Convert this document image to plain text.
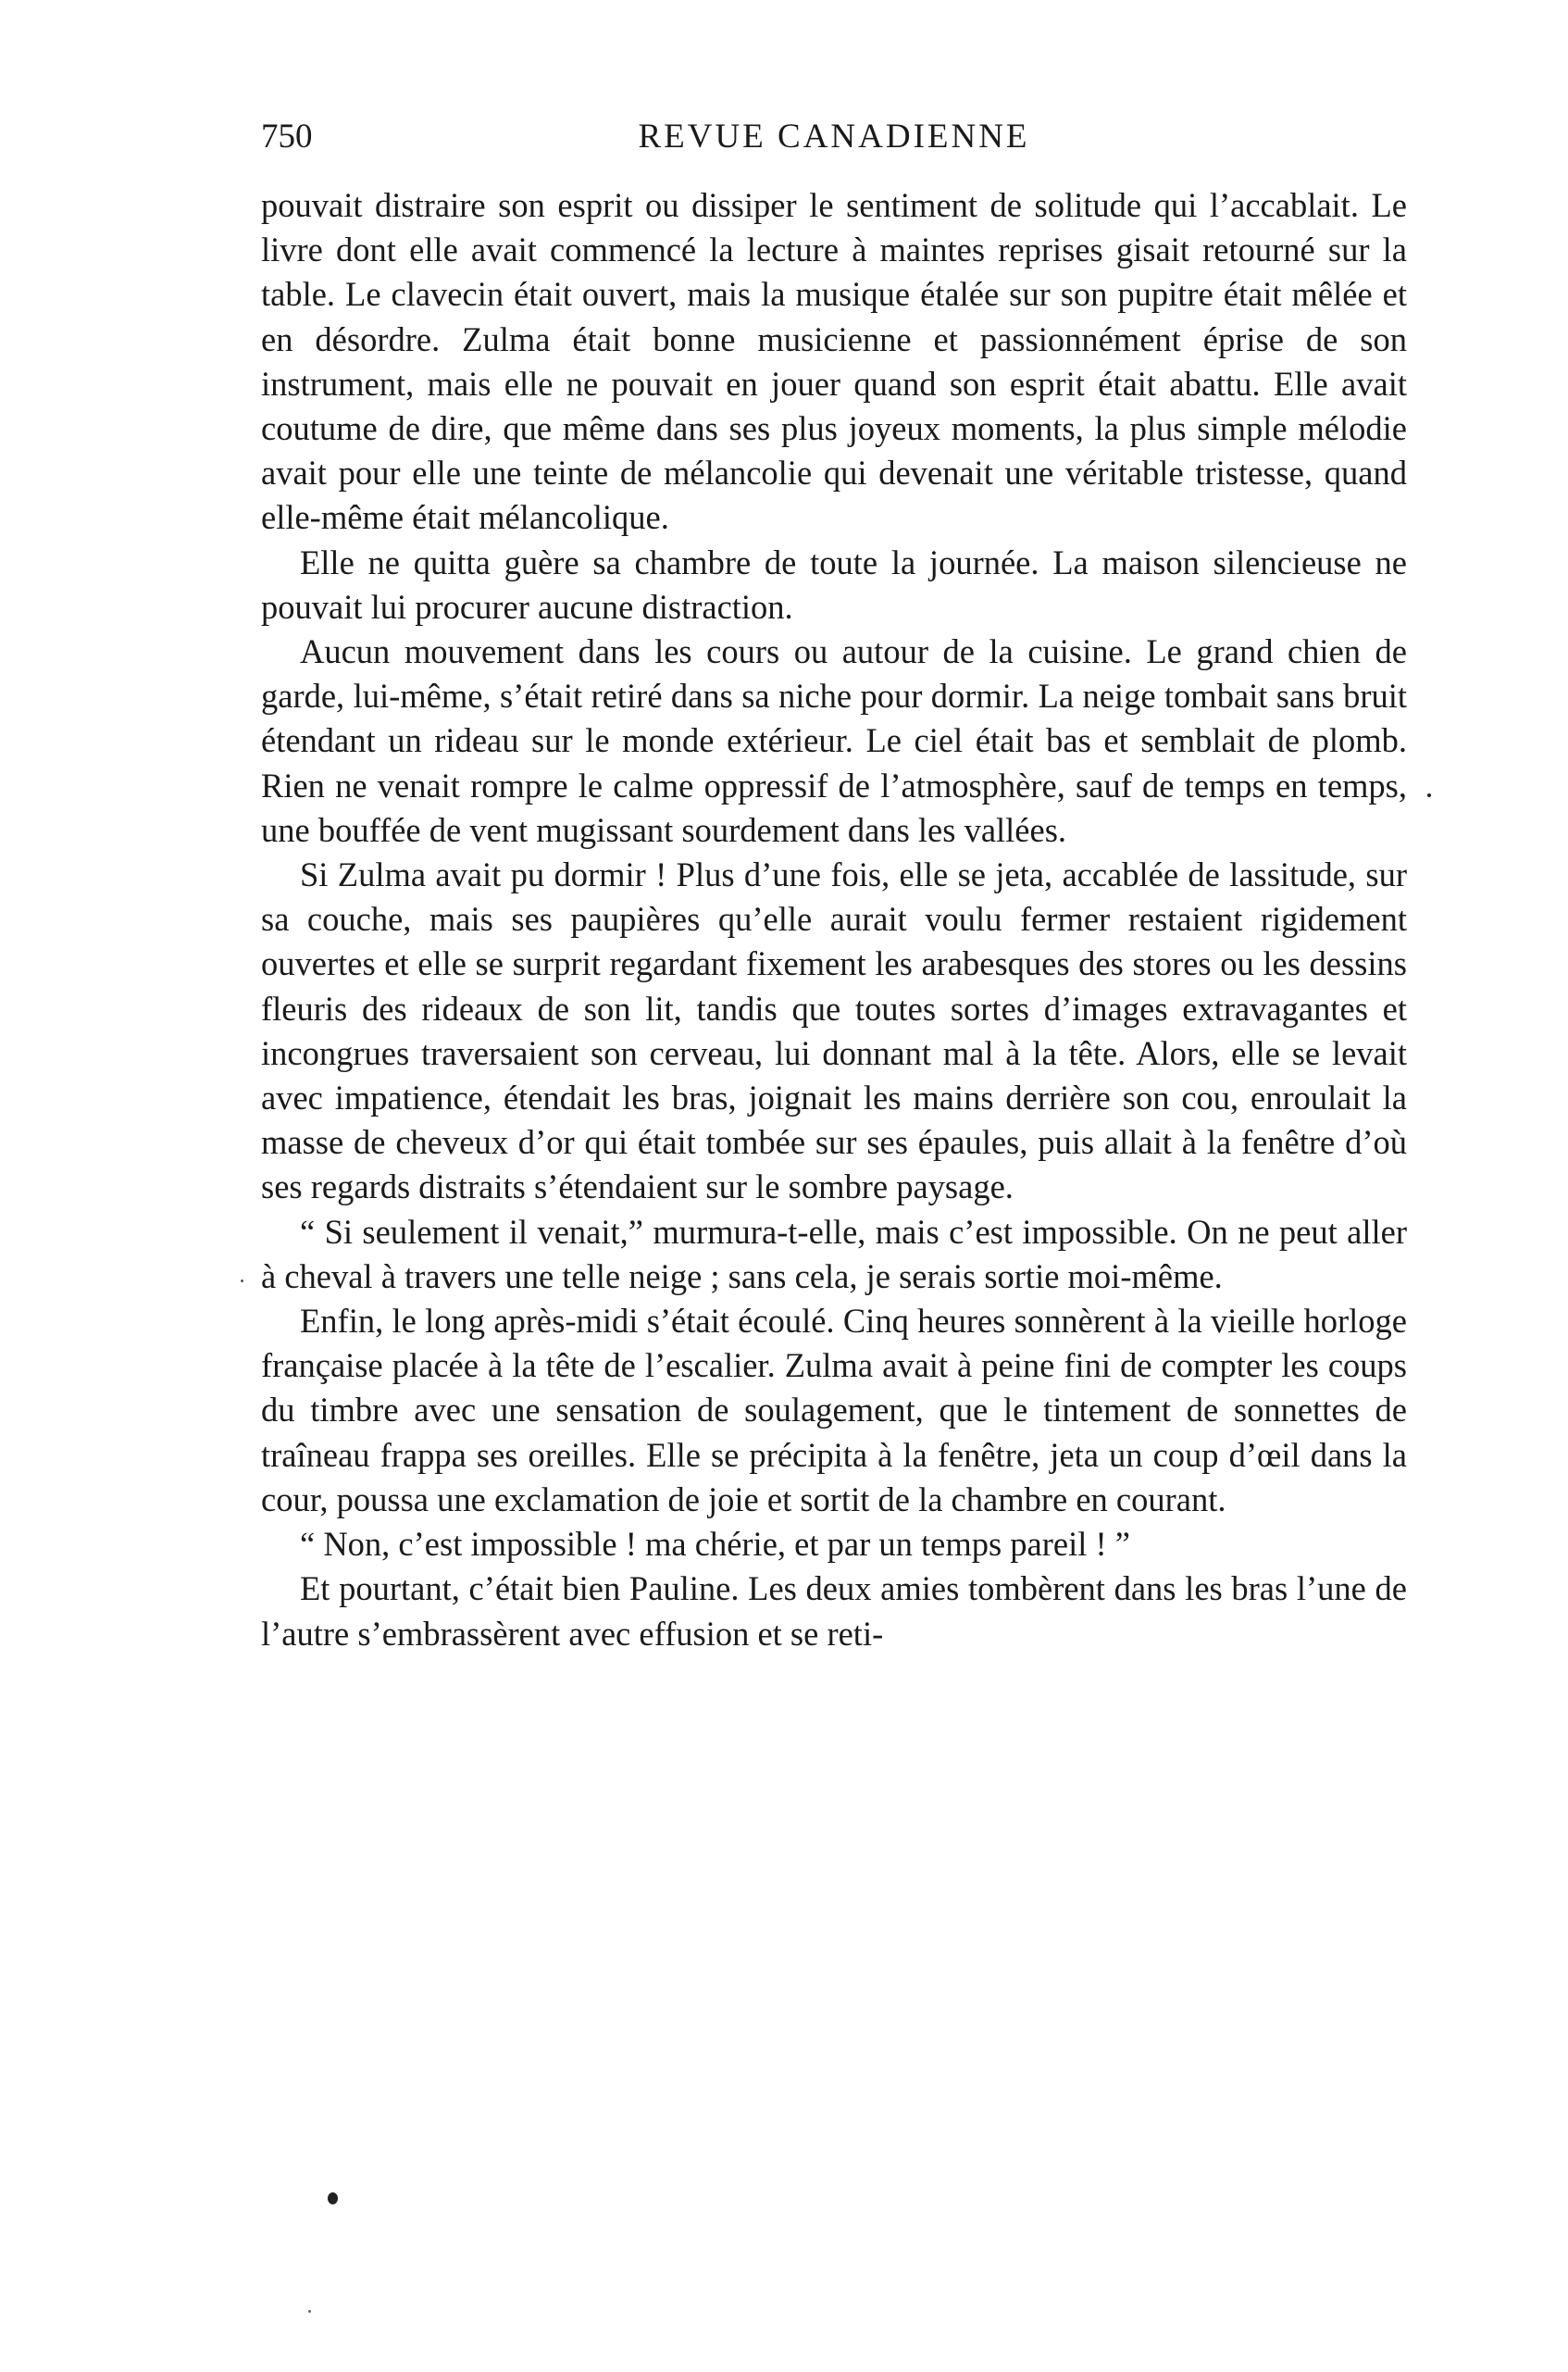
750	REVUE CANADIENNE

pouvait distraire son esprit ou dissiper le sentiment de solitude qui l’accablait. Le livre dont elle avait commencé la lecture à maintes reprises gisait retourné sur la table. Le clavecin était ouvert, mais la musique étalée sur son pupitre était mêlée et en désordre. Zulma était bonne musicienne et passionnément éprise de son instrument, mais elle ne pouvait en jouer quand son esprit était abattu. Elle avait coutume de dire, que même dans ses plus joyeux moments, la plus simple mélodie avait pour elle une teinte de mélancolie qui devenait une véritable tristesse, quand elle-même était mélancolique.

Elle ne quitta guère sa chambre de toute la journée. La maison silencieuse ne pouvait lui procurer aucune distraction.

Aucun mouvement dans les cours ou autour de la cuisine. Le grand chien de garde, lui-même, s’était retiré dans sa niche pour dormir. La neige tombait sans bruit étendant un rideau sur le monde extérieur. Le ciel était bas et semblait de plomb. Rien ne venait rompre le calme oppressif de l’atmosphère, sauf de temps en temps, une bouffée de vent mugissant sourdement dans les vallées.

Si Zulma avait pu dormir ! Plus d’une fois, elle se jeta, accablée de lassitude, sur sa couche, mais ses paupières qu’elle aurait voulu fermer restaient rigidement ouvertes et elle se surprit regardant fixement les arabesques des stores ou les dessins fleuris des rideaux de son lit, tandis que toutes sortes d’images extravagantes et incongrues traversaient son cerveau, lui donnant mal à la tête. Alors, elle se levait avec impatience, étendait les bras, joignait les mains derrière son cou, enroulait la masse de cheveux d’or qui était tombée sur ses épaules, puis allait à la fenêtre d’où ses regards distraits s’étendaient sur le sombre paysage.

“ Si seulement il venait,” murmura-t-elle, mais c’est impossible. On ne peut aller à cheval à travers une telle neige ; sans cela, je serais sortie moi-même.

Enfin, le long après-midi s’était écoulé. Cinq heures sonnèrent à la vieille horloge française placée à la tête de l’escalier. Zulma avait à peine fini de compter les coups du timbre avec une sensation de soulagement, que le tintement de sonnettes de traîneau frappa ses oreilles. Elle se précipita à la fenêtre, jeta un coup d’œil dans la cour, poussa une exclamation de joie et sortit de la chambre en courant.

“ Non, c’est impossible ! ma chérie, et par un temps pareil ! ”

Et pourtant, c’était bien Pauline. Les deux amies tombèrent dans les bras l’une de l’autre s’embrassèrent avec effusion et se reti-
